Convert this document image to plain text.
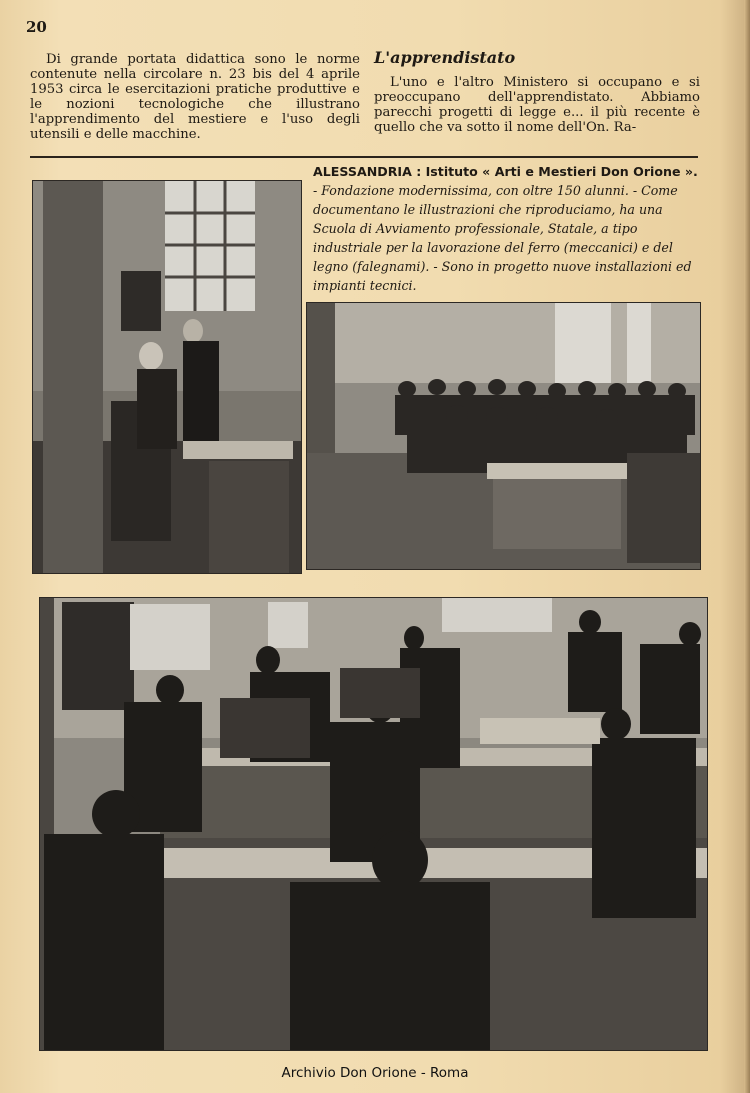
20
Di grande portata didattica sono le norme contenute nella circolare n. 23 bis del 4 aprile 1953 circa le esercitazioni pratiche produttive e le nozioni tecnologiche che illustrano l'apprendimento del mestiere e l'uso degli utensili e delle macchine.
L'apprendistato
L'uno e l'altro Ministero si occupano e si preoccupano dell'apprendistato. Abbiamo parecchi progetti di legge e... il più recente è quello che va sotto il nome dell'On. Ra-
ALESSANDRIA : Istituto « Arti e Mestieri Don Orione ». - Fondazione modernissima, con oltre 150 alunni. - Come documentano le illustrazioni che riproduciamo, ha una Scuola di Avviamento professionale, Statale, a tipo industriale per la lavorazione del ferro (meccanici) e del legno (falegnami). - Sono in progetto nuove installazioni ed impianti tecnici.
Archivio Don Orione - Roma
